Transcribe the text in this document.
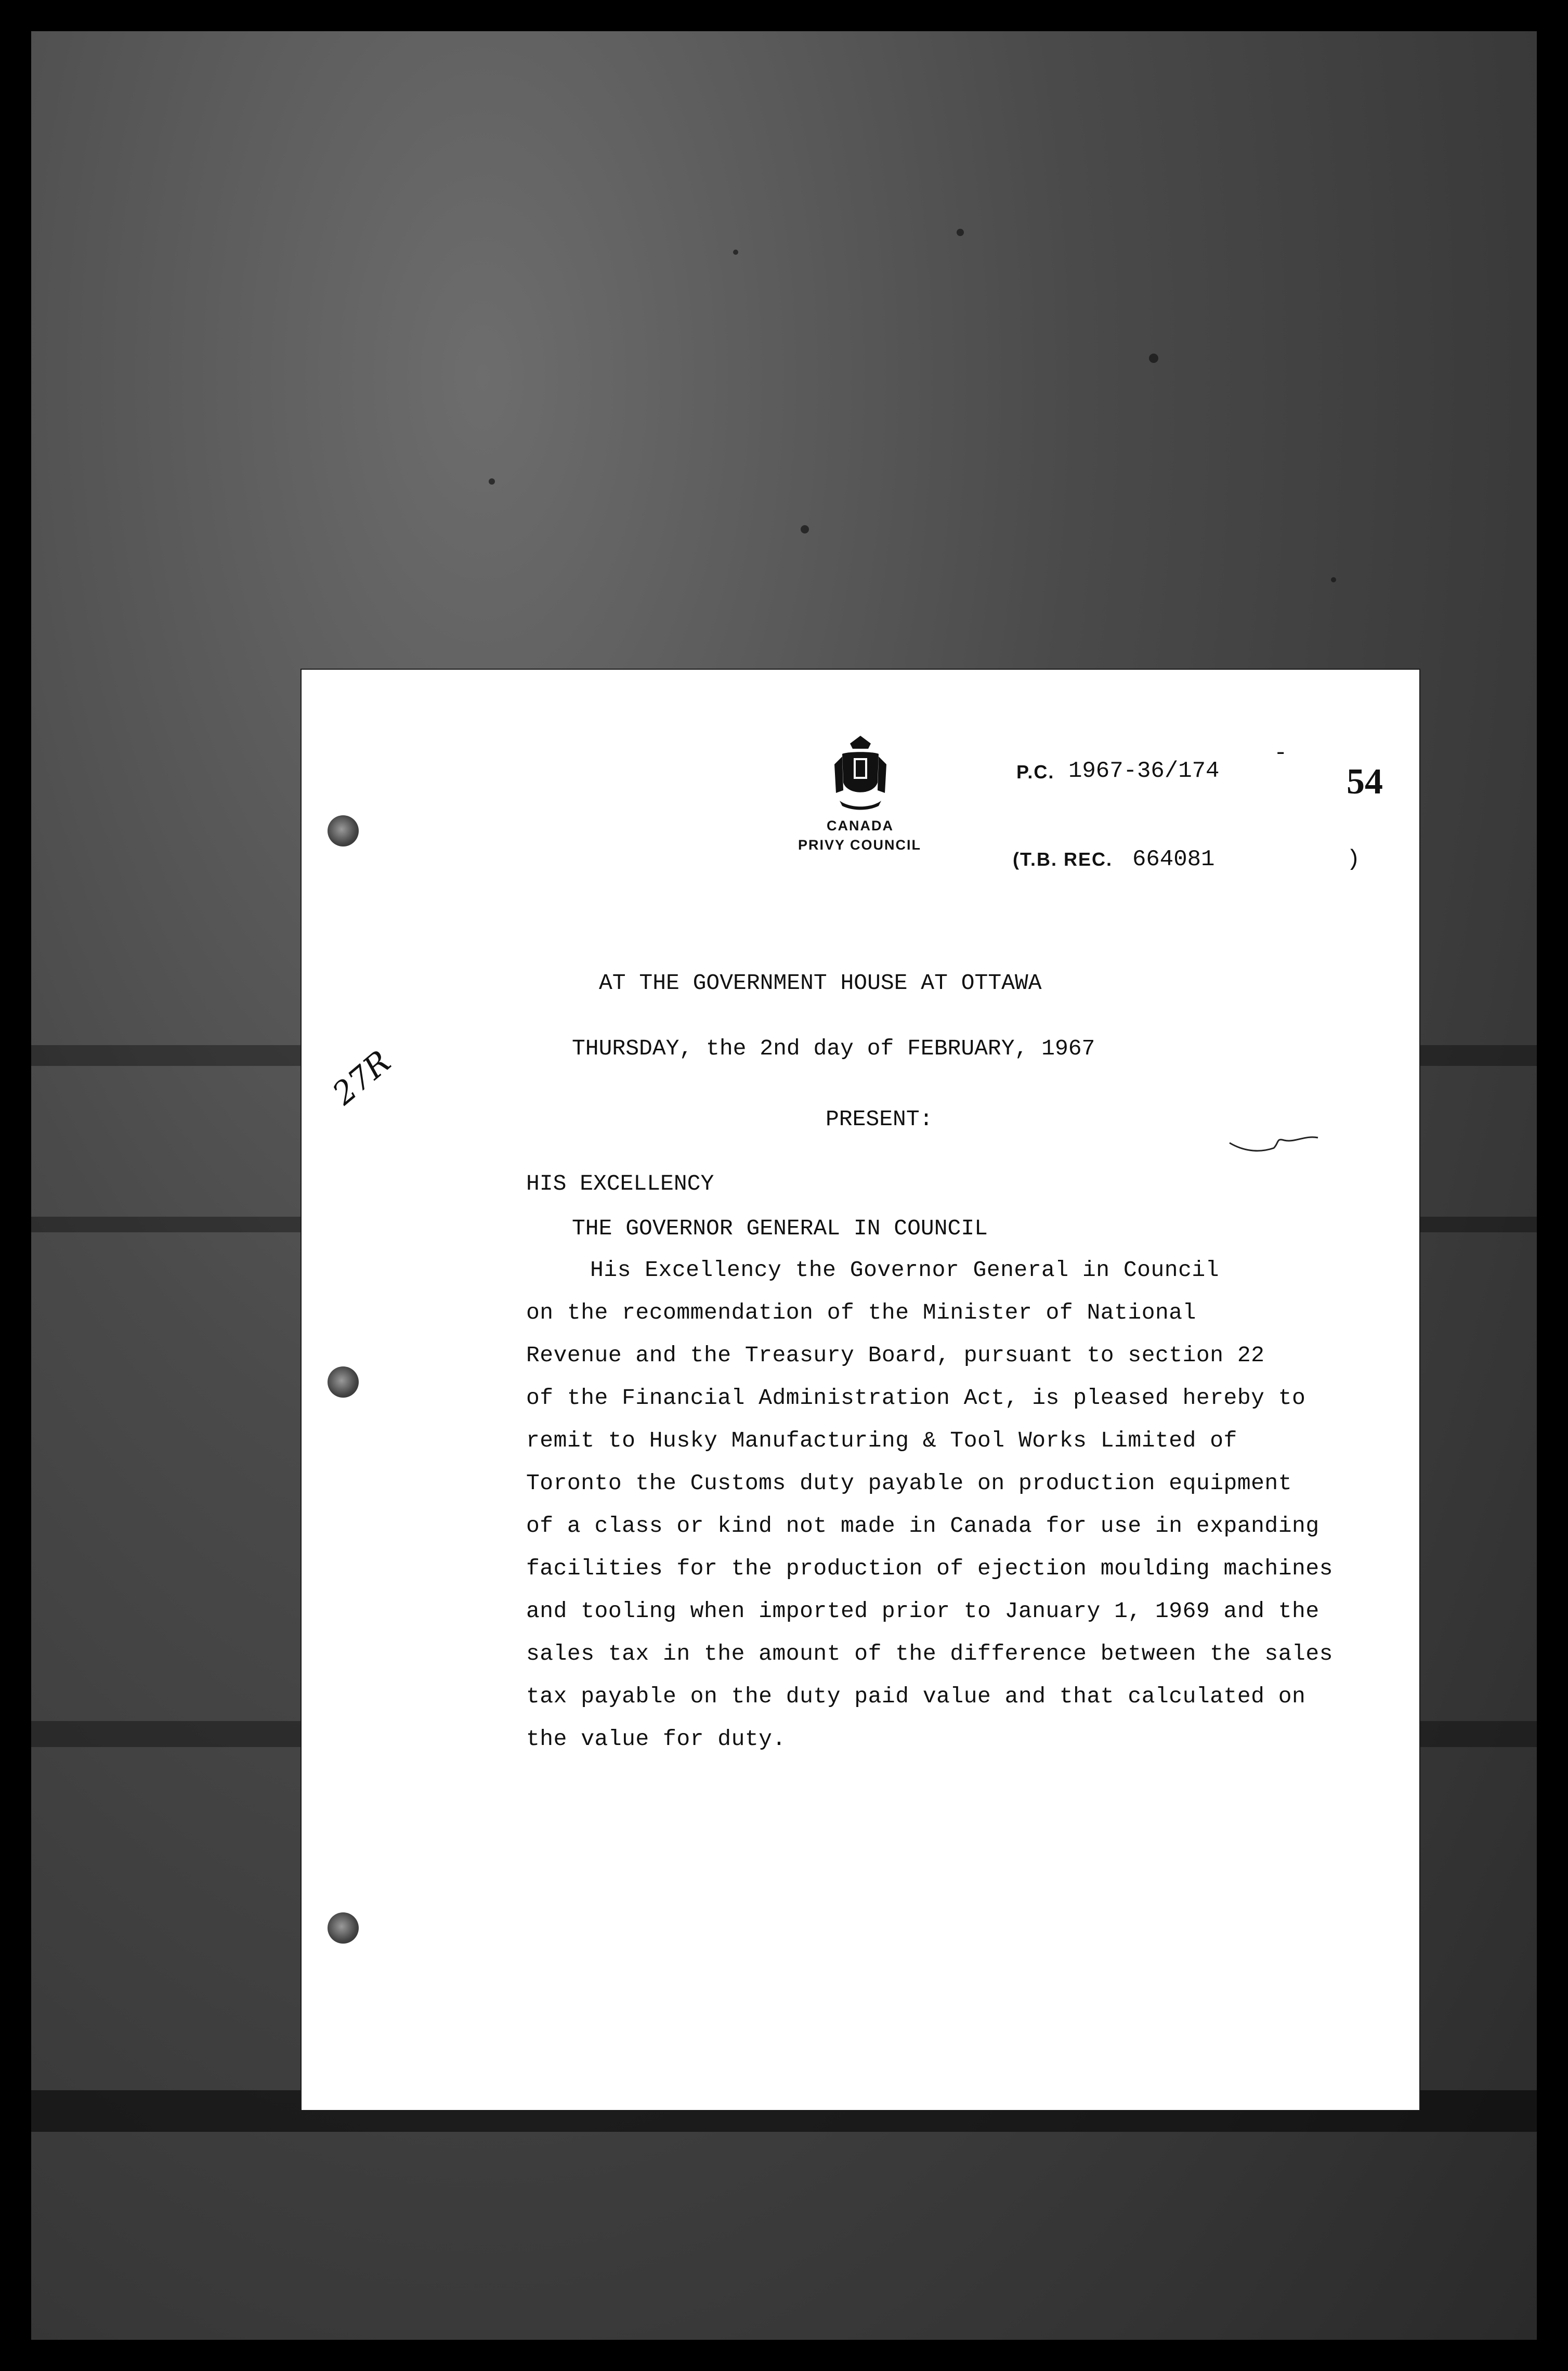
CANADA
PRIVY COUNCIL
P.C. 1967-36/174
-
54
(T.B. REC. 664081	)
27R
AT THE GOVERNMENT HOUSE AT OTTAWA
THURSDAY, the 2nd day of FEBRUARY, 1967
PRESENT:
HIS EXCELLENCY
THE GOVERNOR GENERAL IN COUNCIL
His Excellency the Governor General in Council
on the recommendation of the Minister of National
Revenue and the Treasury Board, pursuant to section 22
of the Financial Administration Act, is pleased hereby to
remit to Husky Manufacturing & Tool Works Limited of
Toronto the Customs duty payable on production equipment
of a class or kind not made in Canada for use in expanding
facilities for the production of ejection moulding machines
and tooling when imported prior to January 1, 1969 and the
sales tax in the amount of the difference between the sales
tax payable on the duty paid value and that calculated on
the value for duty.
